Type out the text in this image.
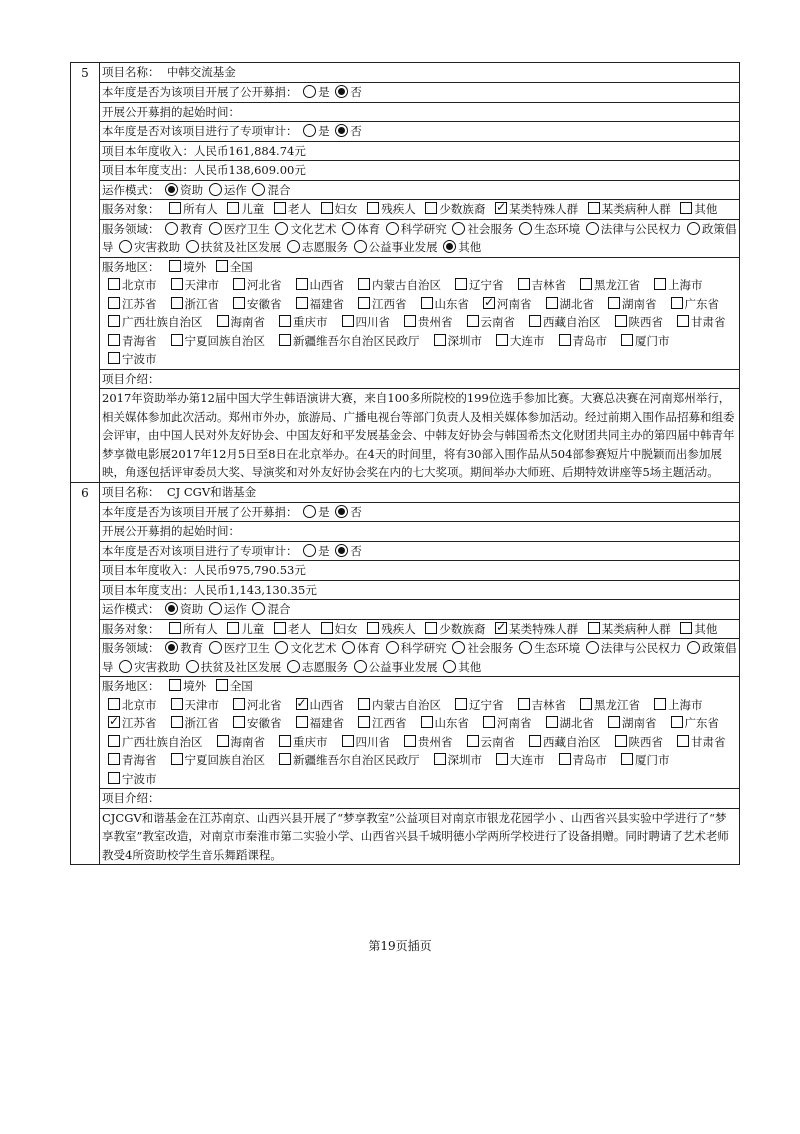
5	项目名称： 中韩交流基金
本年度是否为该项目开展了公开募捐： 是 否
开展公开募捐的起始时间：
本年度是否对该项目进行了专项审计： 是 否
项目本年度收入：人民币161,884.74元
项目本年度支出：人民币138,609.00元
运作模式： 资助 运作 混合
服务对象： 所有人 儿童 老人 妇女 残疾人 少数族裔 ✓ 某类特殊人群 某类病种人群 其他
服务领域： 教育 医疗卫生 文化艺术 体育 科学研究 社会服务 生态环境 法律与公民权力 政策倡导 灾害救助 扶贫及社区发展 志愿服务 公益事业发展 其他
服务地区： 境外 全国
北京市	天津市	河北省	山西省	内蒙古自治区	辽宁省	吉林省	黑龙江省	上海市
江苏省	浙江省	安徽省	福建省	江西省	山东省 ✓	河南省	湖北省	湖南省	广东省
广西壮族自治区	海南省	重庆市	四川省	贵州省	云南省	西藏自治区	陕西省	甘肃省
青海省	宁夏回族自治区	新疆维吾尔自治区民政厅	深圳市	大连市	青岛市	厦门市
宁波市
项目介绍：
2017年资助举办第12届中国大学生韩语演讲大赛，来自100多所院校的199位选手参加比赛。大赛总决赛在河南郑州举行，相关媒体参加此次活动。郑州市外办，旅游局、广播电视台等部门负责人及相关媒体参加活动。经过前期入围作品招募和组委会评审，由中国人民对外友好协会、中国友好和平发展基金会、中韩友好协会与韩国希杰文化财团共同主办的第四届中韩青年梦享微电影展2017年12月5日至8日在北京举办。在4天的时间里，将有30部入围作品从504部参赛短片中脱颖而出参加展映，角逐包括评审委员大奖、导演奖和对外友好协会奖在内的七大奖项。期间举办大师班、后期特效讲座等5场主题活动。
6	项目名称： CJ CGV和谐基金
本年度是否为该项目开展了公开募捐： 是 否
开展公开募捐的起始时间：
本年度是否对该项目进行了专项审计： 是 否
项目本年度收入：人民币975,790.53元
项目本年度支出：人民币1,143,130.35元
运作模式： 资助 运作 混合
服务对象： 所有人 儿童 老人 妇女 残疾人 少数族裔 ✓ 某类特殊人群 某类病种人群 其他
服务领域： 教育 医疗卫生 文化艺术 体育 科学研究 社会服务 生态环境 法律与公民权力 政策倡导 灾害救助 扶贫及社区发展 志愿服务 公益事业发展 其他
服务地区： 境外 全国
北京市	天津市	河北省 ✓	山西省	内蒙古自治区	辽宁省	吉林省	黑龙江省	上海市
✓江苏省	浙江省	安徽省	福建省	江西省	山东省	河南省	湖北省	湖南省	广东省
广西壮族自治区	海南省	重庆市	四川省	贵州省	云南省	西藏自治区	陕西省	甘肃省
青海省	宁夏回族自治区	新疆维吾尔自治区民政厅	深圳市	大连市	青岛市	厦门市
宁波市
项目介绍：
CJCGV和谐基金在江苏南京、山西兴县开展了“梦享教室”公益项目对南京市银龙花园学小 、山西省兴县实验中学进行了“梦享教室”教室改造，对南京市秦淮市第二实验小学、山西省兴县千城明德小学两所学校进行了设备捐赠。同时聘请了艺术老师教受4所资助校学生音乐舞蹈课程。
第19页插页
